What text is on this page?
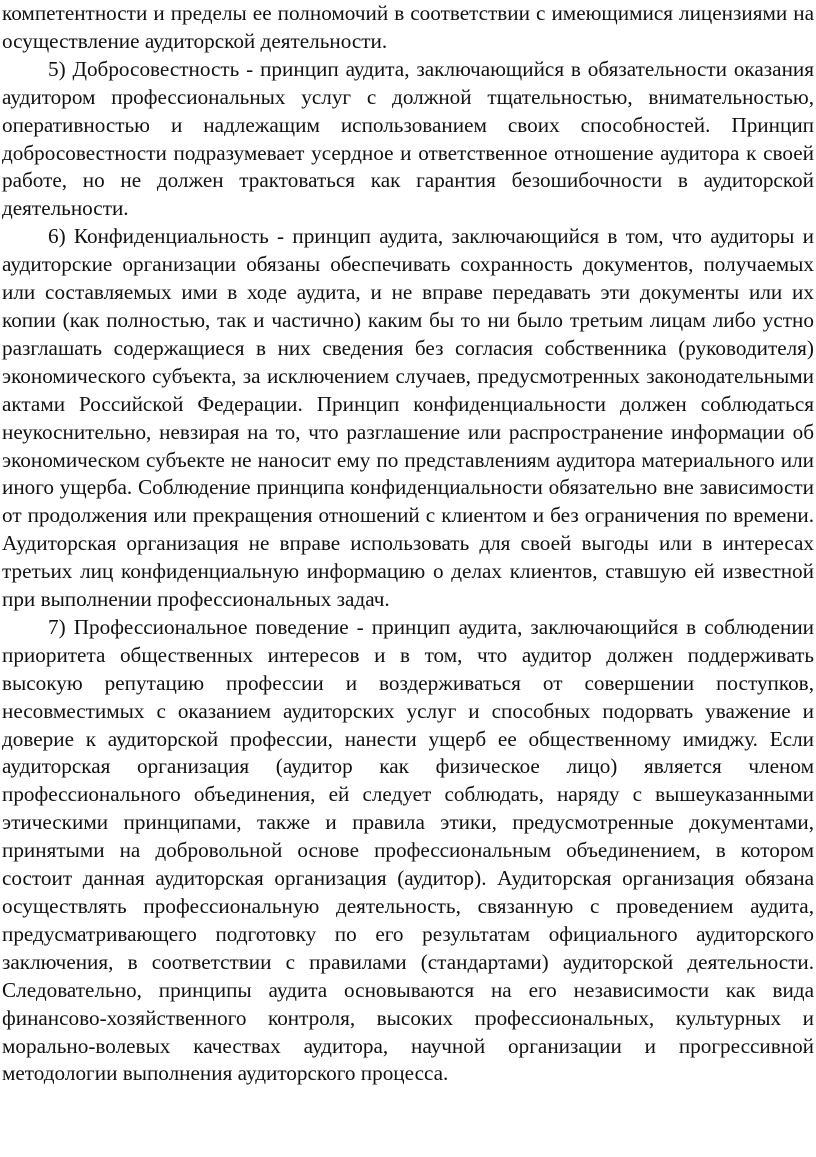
компетентности и пределы ее полномочий в соответствии с имеющимися лицензиями на осуществление аудиторской деятельности.

5) Добросовестность - принцип аудита, заключающийся в обязательности оказания аудитором профессиональных услуг с должной тщательностью, внимательностью, оперативностью и надлежащим использованием своих способностей. Принцип добросовестности подразумевает усердное и ответственное отношение аудитора к своей работе, но не должен трактоваться как гарантия безошибочности в аудиторской деятельности.

6) Конфиденциальность - принцип аудита, заключающийся в том, что аудиторы и аудиторские организации обязаны обеспечивать сохранность документов, получаемых или составляемых ими в ходе аудита, и не вправе передавать эти документы или их копии (как полностью, так и частично) каким бы то ни было третьим лицам либо устно разглашать содержащиеся в них сведения без согласия собственника (руководителя) экономического субъекта, за исключением случаев, предусмотренных законодательными актами Российской Федерации. Принцип конфиденциальности должен соблюдаться неукоснительно, невзирая на то, что разглашение или распространение информации об экономическом субъекте не наносит ему по представлениям аудитора материального или иного ущерба. Соблюдение принципа конфиденциальности обязательно вне зависимости от продолжения или прекращения отношений с клиентом и без ограничения по времени. Аудиторская организация не вправе использовать для своей выгоды или в интересах третьих лиц конфиденциальную информацию о делах клиентов, ставшую ей известной при выполнении профессиональных задач.

7) Профессиональное поведение - принцип аудита, заключающийся в соблюдении приоритета общественных интересов и в том, что аудитор должен поддерживать высокую репутацию профессии и воздерживаться от совершении поступков, несовместимых с оказанием аудиторских услуг и способных подорвать уважение и доверие к аудиторской профессии, нанести ущерб ее общественному имиджу. Если аудиторская организация (аудитор как физическое лицо) является членом профессионального объединения, ей следует соблюдать, наряду с вышеуказанными этическими принципами, также и правила этики, предусмотренные документами, принятыми на добровольной основе профессиональным объединением, в котором состоит данная аудиторская организация (аудитор). Аудиторская организация обязана осуществлять профессиональную деятельность, связанную с проведением аудита, предусматривающего подготовку по его результатам официального аудиторского заключения, в соответствии с правилами (стандартами) аудиторской деятельности. Следовательно, принципы аудита основываются на его независимости как вида финансово-хозяйственного контроля, высоких профессиональных, культурных и морально-волевых качествах аудитора, научной организации и прогрессивной методологии выполнения аудиторского процесса.
